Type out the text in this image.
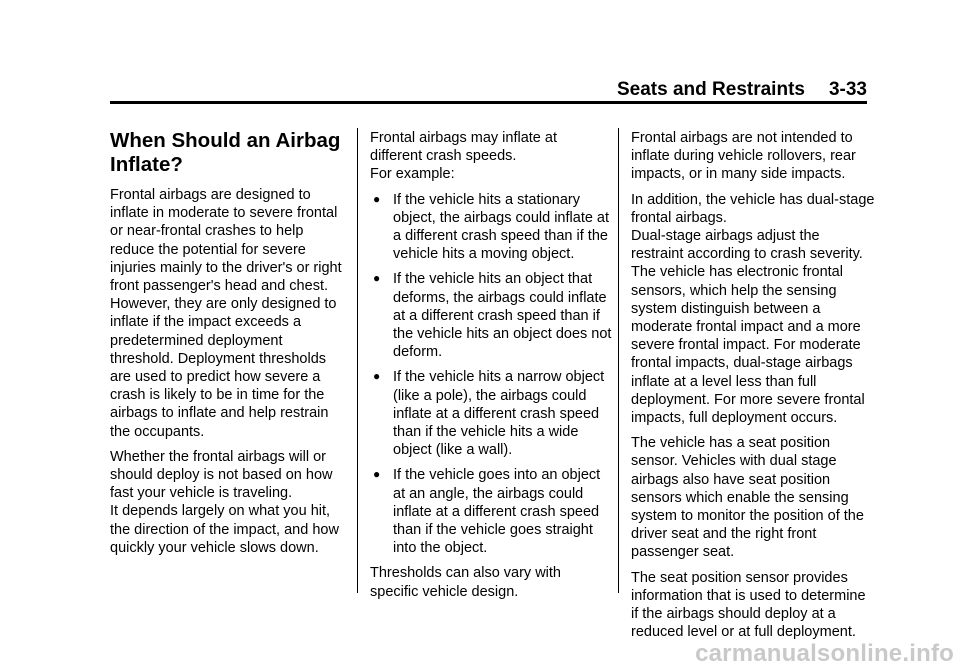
Seats and Restraints 3-33
When Should an Airbag
Inflate?

Frontal airbags are designed to inflate in moderate to severe frontal or near-frontal crashes to help reduce the potential for severe injuries mainly to the driver's or right front passenger's head and chest. However, they are only designed to inflate if the impact exceeds a predetermined deployment threshold. Deployment thresholds are used to predict how severe a crash is likely to be in time for the airbags to inflate and help restrain the occupants.

Whether the frontal airbags will or should deploy is not based on how fast your vehicle is traveling.
It depends largely on what you hit, the direction of the impact, and how quickly your vehicle slows down.

Frontal airbags may inflate at different crash speeds.
For example:

● If the vehicle hits a stationary object, the airbags could inflate at a different crash speed than if the vehicle hits a moving object.
● If the vehicle hits an object that deforms, the airbags could inflate at a different crash speed than if the vehicle hits an object does not deform.
● If the vehicle hits a narrow object (like a pole), the airbags could inflate at a different crash speed than if the vehicle hits a wide object (like a wall).
● If the vehicle goes into an object at an angle, the airbags could inflate at a different crash speed than if the vehicle goes straight into the object.

Thresholds can also vary with specific vehicle design.

Frontal airbags are not intended to inflate during vehicle rollovers, rear impacts, or in many side impacts.

In addition, the vehicle has dual-stage frontal airbags.
Dual-stage airbags adjust the restraint according to crash severity. The vehicle has electronic frontal sensors, which help the sensing system distinguish between a moderate frontal impact and a more severe frontal impact. For moderate frontal impacts, dual-stage airbags inflate at a level less than full deployment. For more severe frontal impacts, full deployment occurs.

The vehicle has a seat position sensor. Vehicles with dual stage airbags also have seat position sensors which enable the sensing system to monitor the position of the driver seat and the right front passenger seat.

The seat position sensor provides information that is used to determine if the airbags should deploy at a reduced level or at full deployment.

carmanualsonline.info
